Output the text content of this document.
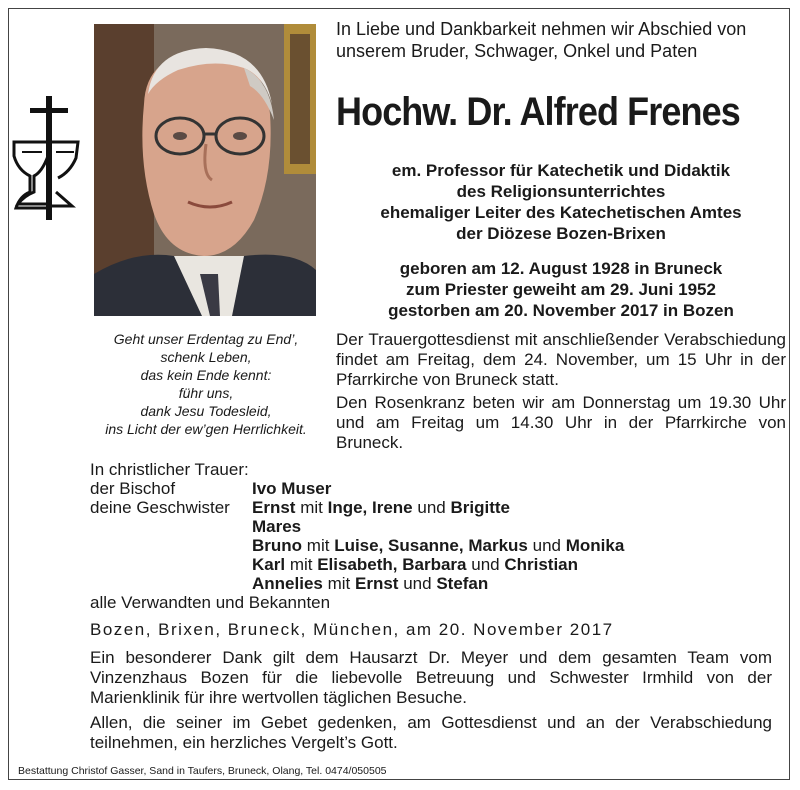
In Liebe und Dankbarkeit nehmen wir Abschied von unserem Bruder, Schwager, Onkel und Paten
Hochw. Dr. Alfred Frenes
em. Professor für Katechetik und Didaktik
des Religionsunterrichtes
ehemaliger Leiter des Katechetischen Amtes
der Diözese Bozen-Brixen
geboren am 12. August 1928 in Bruneck
zum Priester geweiht am 29. Juni 1952
gestorben am 20. November 2017 in Bozen
Geht unser Erdentag zu End’,
schenk Leben,
das kein Ende kennt:
führ uns,
dank Jesu Todesleid,
ins Licht der ew’gen Herrlichkeit.

Der Trauergottesdienst mit anschließender Verabschiedung findet am Freitag, dem 24. November, um 15 Uhr in der Pfarrkirche von Bruneck statt.

Den Rosenkranz beten wir am Donnerstag um 19.30 Uhr und am Freitag um 14.30 Uhr in der Pfarrkirche von Bruneck.

In christlicher Trauer:
der Bischof	Ivo Muser
deine Geschwister	Ernst mit Inge, Irene und Brigitte
Mares
Bruno mit Luise, Susanne, Markus und Monika
Karl mit Elisabeth, Barbara und Christian
Annelies mit Ernst und Stefan
alle Verwandten und Bekannten
Bozen, Brixen, Bruneck, München, am 20. November 2017
Ein besonderer Dank gilt dem Hausarzt Dr. Meyer und dem gesamten Team vom Vinzenzhaus Bozen für die liebevolle Betreuung und Schwester Irmhild von der Marienklinik für ihre wertvollen täglichen Besuche.
Allen, die seiner im Gebet gedenken, am Gottesdienst und an der Verabschiedung teilnehmen, ein herzliches Vergelt’s Gott.
Bestattung Christof Gasser, Sand in Taufers, Bruneck, Olang, Tel. 0474/050505
